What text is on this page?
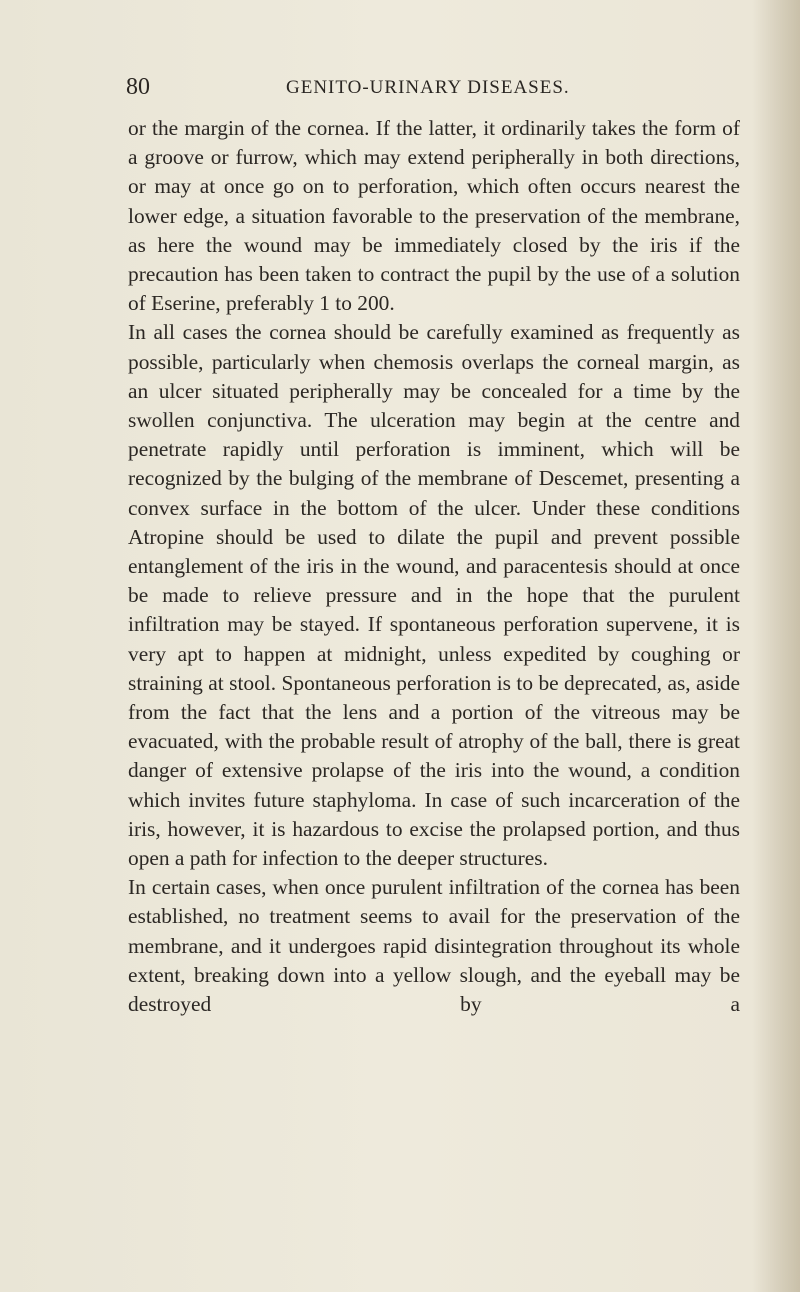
80	GENITO-URINARY DISEASES.

or the margin of the cornea. If the latter, it ordinarily takes the form of a groove or furrow, which may extend peripherally in both directions, or may at once go on to perforation, which often occurs nearest the lower edge, a situation favorable to the preservation of the membrane, as here the wound may be immediately closed by the iris if the precaution has been taken to contract the pupil by the use of a solution of Eserine, preferably 1 to 200.

In all cases the cornea should be carefully examined as frequently as possible, particularly when chemosis overlaps the corneal margin, as an ulcer situated peripherally may be concealed for a time by the swollen conjunctiva. The ulceration may begin at the centre and penetrate rapidly until perforation is imminent, which will be recognized by the bulging of the membrane of Descemet, presenting a convex surface in the bottom of the ulcer. Under these conditions Atropine should be used to dilate the pupil and prevent possible entanglement of the iris in the wound, and paracentesis should at once be made to relieve pressure and in the hope that the purulent infiltration may be stayed. If spontaneous perforation supervene, it is very apt to happen at midnight, unless expedited by coughing or straining at stool. Spontaneous perforation is to be deprecated, as, aside from the fact that the lens and a portion of the vitreous may be evacuated, with the probable result of atrophy of the ball, there is great danger of extensive prolapse of the iris into the wound, a condition which invites future staphyloma. In case of such incarceration of the iris, however, it is hazardous to excise the prolapsed portion, and thus open a path for infection to the deeper structures.

In certain cases, when once purulent infiltration of the cornea has been established, no treatment seems to avail for the preservation of the membrane, and it undergoes rapid disintegration throughout its whole extent, breaking down into a yellow slough, and the eyeball may be destroyed by a
